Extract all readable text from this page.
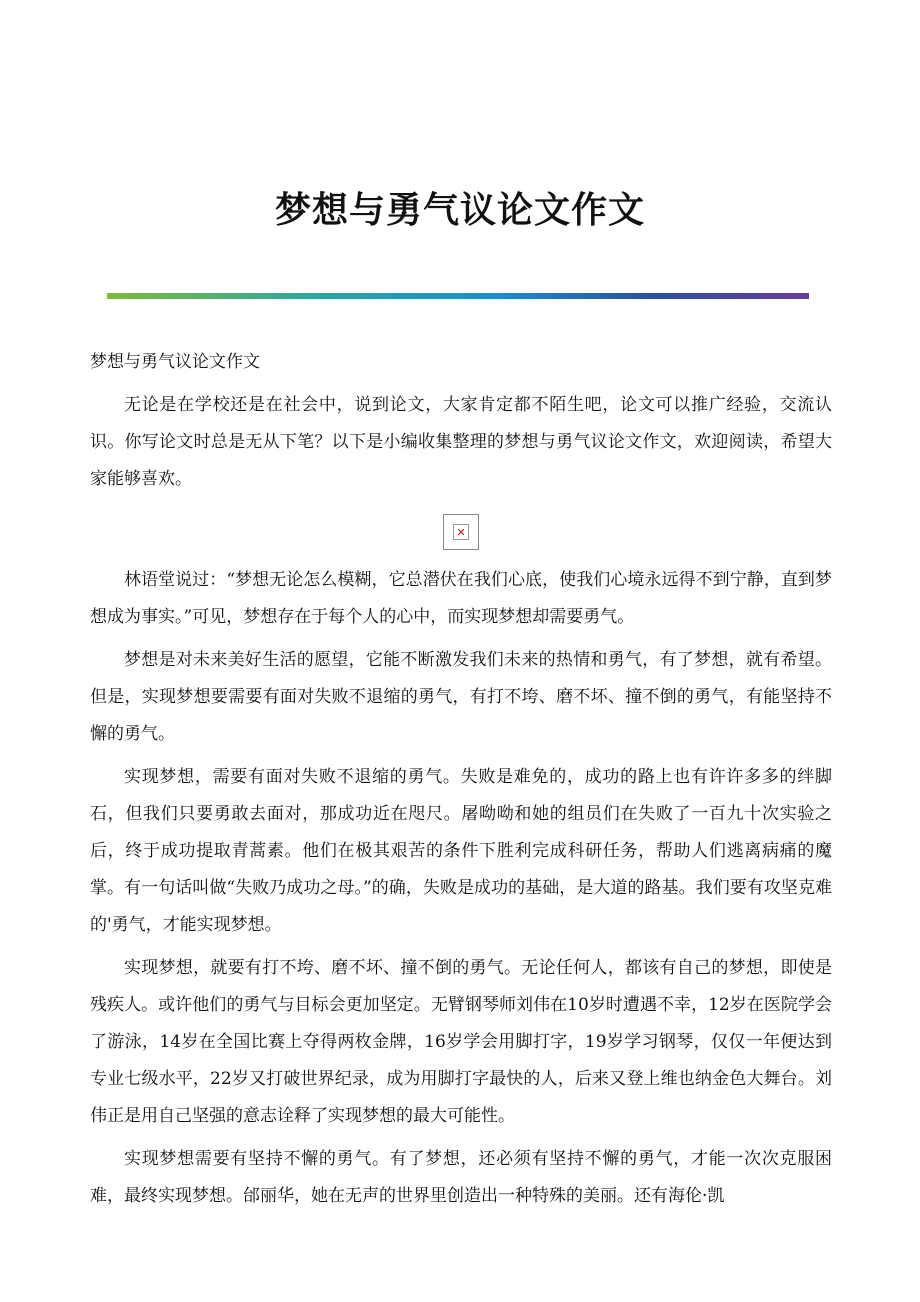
梦想与勇气议论文作文

梦想与勇气议论文作文

无论是在学校还是在社会中，说到论文，大家肯定都不陌生吧，论文可以推广经验，交流认识。你写论文时总是无从下笔？以下是小编收集整理的梦想与勇气议论文作文，欢迎阅读，希望大家能够喜欢。

✕

林语堂说过：“梦想无论怎么模糊，它总潜伏在我们心底，使我们心境永远得不到宁静，直到梦想成为事实。”可见，梦想存在于每个人的心中，而实现梦想却需要勇气。

梦想是对未来美好生活的愿望，它能不断激发我们未来的热情和勇气，有了梦想，就有希望。但是，实现梦想要需要有面对失败不退缩的勇气，有打不垮、磨不坏、撞不倒的勇气，有能坚持不懈的勇气。

实现梦想，需要有面对失败不退缩的勇气。失败是难免的，成功的路上也有许许多多的绊脚石，但我们只要勇敢去面对，那成功近在咫尺。屠呦呦和她的组员们在失败了一百九十次实验之后，终于成功提取青蒿素。他们在极其艰苦的条件下胜利完成科研任务，帮助人们逃离病痛的魔掌。有一句话叫做“失败乃成功之母。”的确，失败是成功的基础，是大道的路基。我们要有攻坚克难的'勇气，才能实现梦想。

实现梦想，就要有打不垮、磨不坏、撞不倒的勇气。无论任何人，都该有自己的梦想，即使是残疾人。或许他们的勇气与目标会更加坚定。无臂钢琴师刘伟在10岁时遭遇不幸，12岁在医院学会了游泳，14岁在全国比赛上夺得两枚金牌，16岁学会用脚打字，19岁学习钢琴，仅仅一年便达到专业七级水平，22岁又打破世界纪录，成为用脚打字最快的人，后来又登上维也纳金色大舞台。刘伟正是用自己坚强的意志诠释了实现梦想的最大可能性。

实现梦想需要有坚持不懈的勇气。有了梦想，还必须有坚持不懈的勇气，才能一次次克服困难，最终实现梦想。邰丽华，她在无声的世界里创造出一种特殊的美丽。还有海伦·凯
